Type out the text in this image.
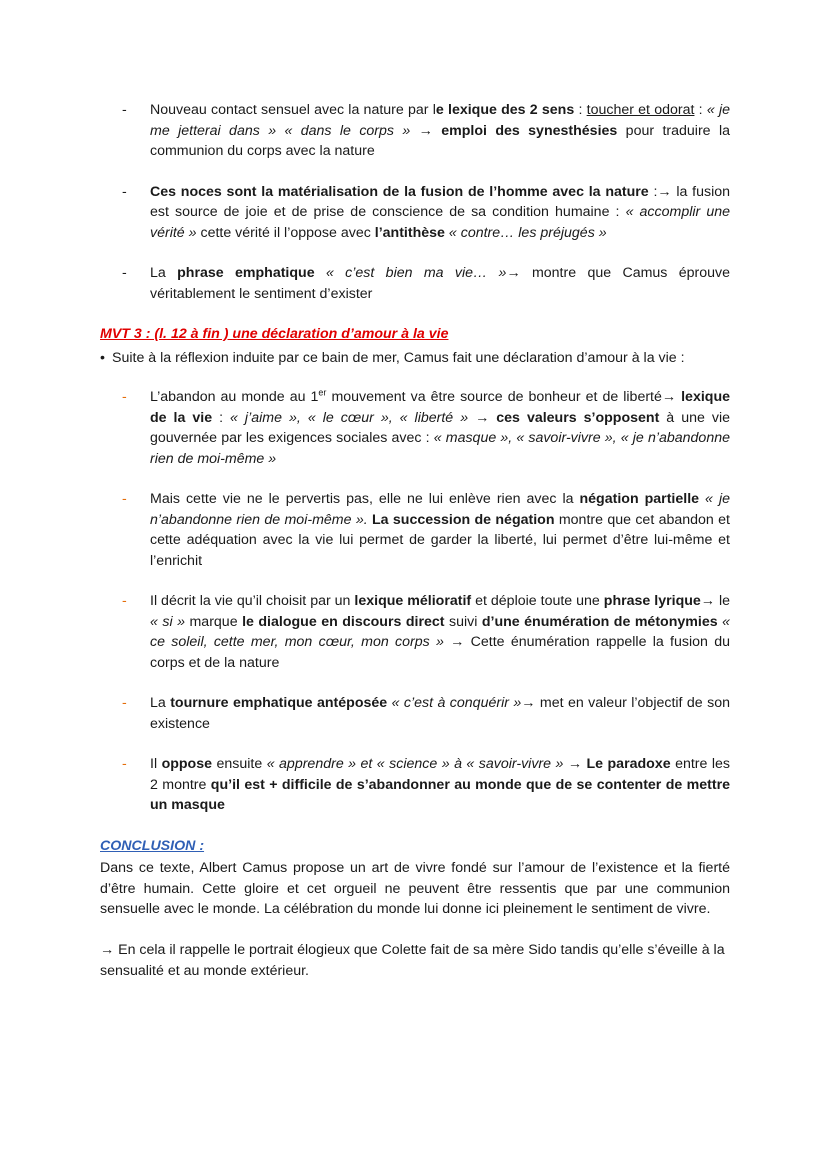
- Nouveau contact sensuel avec la nature par le lexique des 2 sens : toucher et odorat : « je me jetterai dans » « dans le corps » → emploi des synesthésies pour traduire la communion du corps avec la nature
- Ces noces sont la matérialisation de la fusion de l’homme avec la nature :→ la fusion est source de joie et de prise de conscience de sa condition humaine : « accomplir une vérité » cette vérité il l’oppose avec l’antithèse « contre… les préjugés »
- La phrase emphatique « c’est bien ma vie… »→ montre que Camus éprouve véritablement le sentiment d’exister
MVT 3 : (l. 12 à fin ) une déclaration d’amour à la vie
• Suite à la réflexion induite par ce bain de mer, Camus fait une déclaration d’amour à la vie :
- L’abandon au monde au 1er mouvement va être source de bonheur et de liberté→ lexique de la vie : « j’aime », « le cœur », « liberté » → ces valeurs s’opposent à une vie gouvernée par les exigences sociales avec : « masque », « savoir-vivre », « je n’abandonne rien de moi-même »
- Mais cette vie ne le pervertis pas, elle ne lui enlève rien avec la négation partielle « je n’abandonne rien de moi-même ». La succession de négation montre que cet abandon et cette adéquation avec la vie lui permet de garder la liberté, lui permet d’être lui-même et l’enrichit
- Il décrit la vie qu’il choisit par un lexique mélioratif et déploie toute une phrase lyrique→ le « si » marque le dialogue en discours direct suivi d’une énumération de métonymies « ce soleil, cette mer, mon cœur, mon corps » → Cette énumération rappelle la fusion du corps et de la nature
- La tournure emphatique antéposée « c’est à conquérir »→ met en valeur l’objectif de son existence
- Il oppose ensuite « apprendre » et « science » à « savoir-vivre » → Le paradoxe entre les 2 montre qu’il est + difficile de s’abandonner au monde que de se contenter de mettre un masque
CONCLUSION :
Dans ce texte, Albert Camus propose un art de vivre fondé sur l’amour de l’existence et la fierté d’être humain. Cette gloire et cet orgueil ne peuvent être ressentis que par une communion sensuelle avec le monde. La célébration du monde lui donne ici pleinement le sentiment de vivre.
→ En cela il rappelle le portrait élogieux que Colette fait de sa mère Sido tandis qu’elle s’éveille à la sensualité et au monde extérieur.
